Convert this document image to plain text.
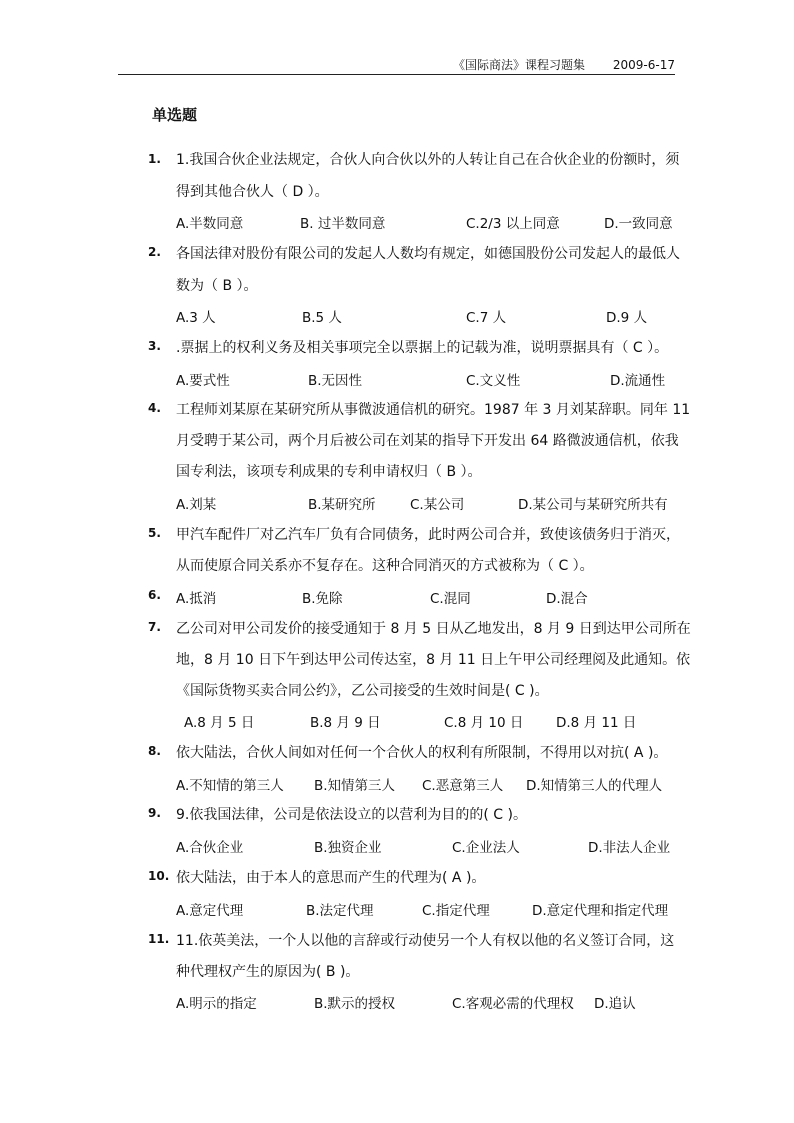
《国际商法》课程习题集 2009-6-17
单选题
1. 1.我国合伙企业法规定，合伙人向合伙以外的人转让自己在合伙企业的份额时，须
得到其他合伙人（ D ）。
A.半数同意	B. 过半数同意	C.2/3 以上同意	D.一致同意
2. 各国法律对股份有限公司的发起人人数均有规定，如德国股份公司发起人的最低人
数为（ B ）。
A.3 人	B.5 人	C.7 人	D.9 人
3. .票据上的权利义务及相关事项完全以票据上的记载为准，说明票据具有（ C ）。
A.要式性	B.无因性	C.文义性	D.流通性
4. 工程师刘某原在某研究所从事微波通信机的研究。1987 年 3 月刘某辞职。同年 11
月受聘于某公司，两个月后被公司在刘某的指导下开发出 64 路微波通信机，依我
国专利法，该项专利成果的专利申请权归（ B ）。
A.刘某	B.某研究所	C.某公司	D.某公司与某研究所共有
5. 甲汽车配件厂对乙汽车厂负有合同债务，此时两公司合并，致使该债务归于消灭，
从而使原合同关系亦不复存在。这种合同消灭的方式被称为（ C ）。
6. A.抵消	B.免除	C.混同	D.混合
7. 乙公司对甲公司发价的接受通知于 8 月 5 日从乙地发出，8 月 9 日到达甲公司所在
地，8 月 10 日下午到达甲公司传达室，8 月 11 日上午甲公司经理阅及此通知。依
《国际货物买卖合同公约》，乙公司接受的生效时间是( C )。
A.8 月 5 日	B.8 月 9 日	C.8 月 10 日 D.8 月 11 日
8. 依大陆法，合伙人间如对任何一个合伙人的权利有所限制，不得用以对抗( A )。
A.不知情的第三人 B.知情第三人 C.恶意第三人 D.知情第三人的代理人
9. 9.依我国法律，公司是依法设立的以营利为目的的( C )。
A.合伙企业	B.独资企业	C.企业法人	D.非法人企业
10. 依大陆法，由于本人的意思而产生的代理为( A )。
A.意定代理	B.法定代理	C.指定代理	D.意定代理和指定代理
11. 11.依英美法，一个人以他的言辞或行动使另一个人有权以他的名义签订合同，这
种代理权产生的原因为( B )。
A.明示的指定	B.默示的授权	C.客观必需的代理权 D.追认
